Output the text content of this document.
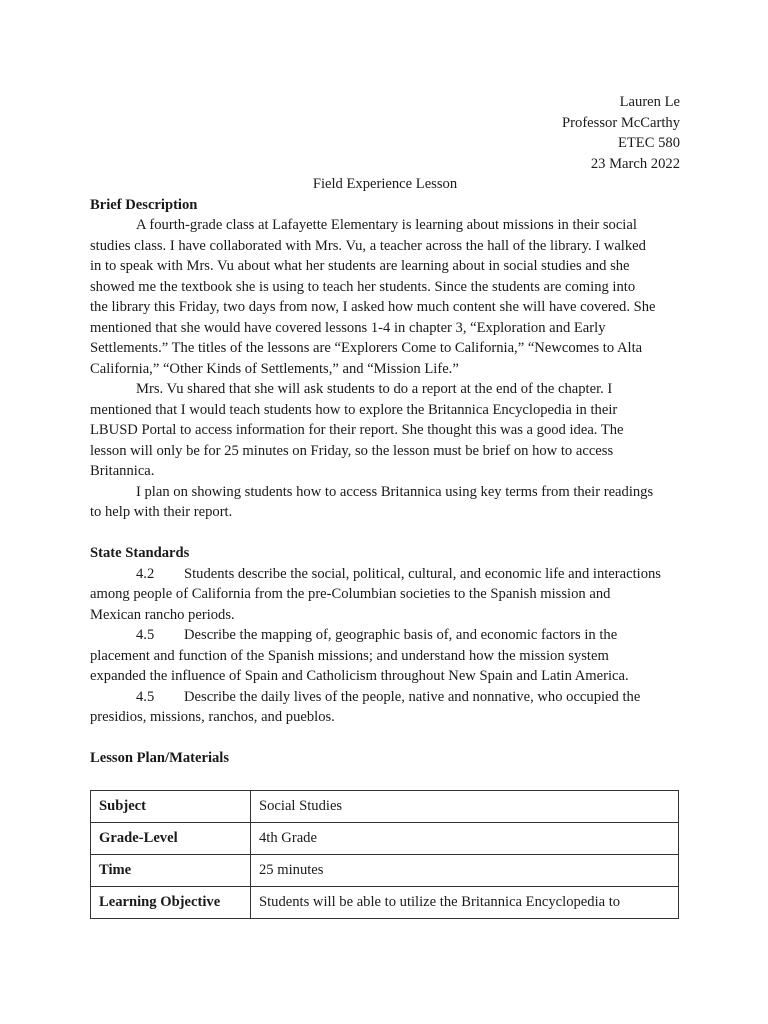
Lauren Le
Professor McCarthy
ETEC 580
23 March 2022
Field Experience Lesson
Brief Description
A fourth-grade class at Lafayette Elementary is learning about missions in their social
studies class. I have collaborated with Mrs. Vu, a teacher across the hall of the library. I walked
in to speak with Mrs. Vu about what her students are learning about in social studies and she
showed me the textbook she is using to teach her students. Since the students are coming into
the library this Friday, two days from now, I asked how much content she will have covered. She
mentioned that she would have covered lessons 1-4 in chapter 3, “Exploration and Early
Settlements.” The titles of the lessons are “Explorers Come to California,” “Newcomes to Alta
California,” “Other Kinds of Settlements,” and “Mission Life.”
Mrs. Vu shared that she will ask students to do a report at the end of the chapter. I
mentioned that I would teach students how to explore the Britannica Encyclopedia in their
LBUSD Portal to access information for their report. She thought this was a good idea. The
lesson will only be for 25 minutes on Friday, so the lesson must be brief on how to access
Britannica.
I plan on showing students how to access Britannica using key terms from their readings
to help with their report.
State Standards
4.2 Students describe the social, political, cultural, and economic life and interactions
among people of California from the pre-Columbian societies to the Spanish mission and
Mexican rancho periods.
4.5 Describe the mapping of, geographic basis of, and economic factors in the
placement and function of the Spanish missions; and understand how the mission system
expanded the influence of Spain and Catholicism throughout New Spain and Latin America.
4.5 Describe the daily lives of the people, native and nonnative, who occupied the
presidios, missions, ranchos, and pueblos.
Lesson Plan/Materials
Subject	Social Studies
Grade-Level	4th Grade
Time	25 minutes
Learning Objective	Students will be able to utilize the Britannica Encyclopedia to
